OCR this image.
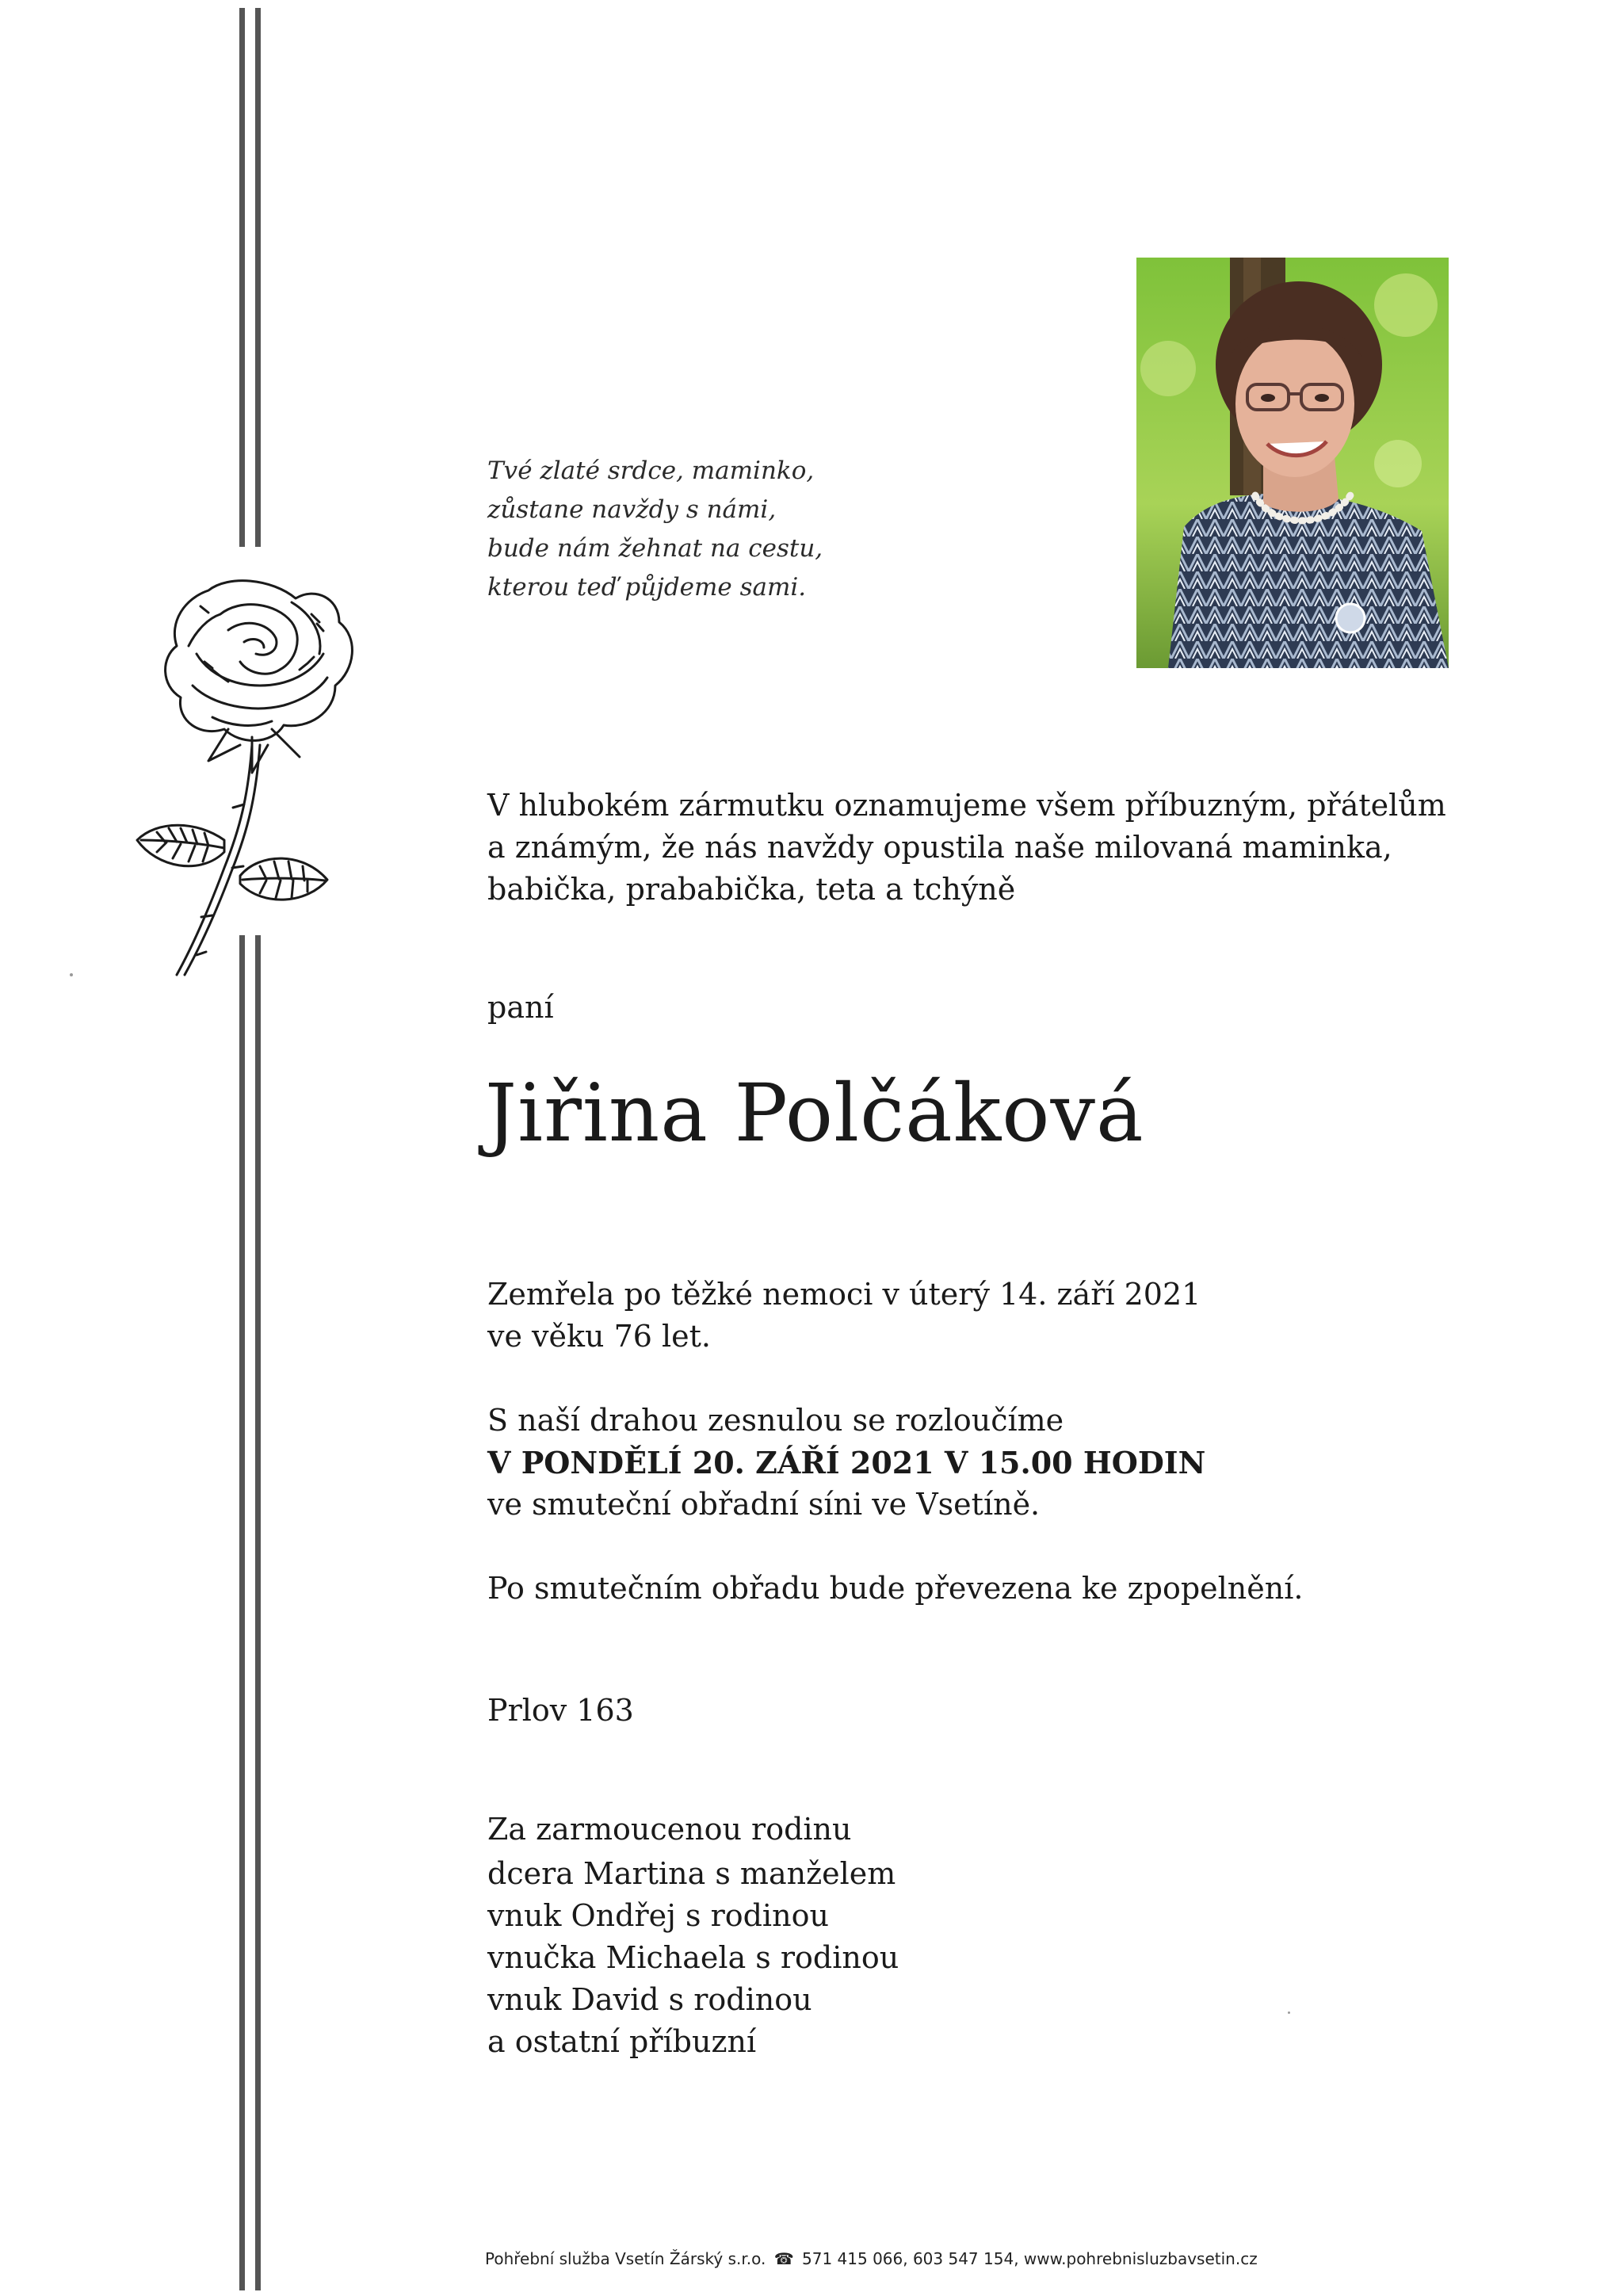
Tvé zlaté srdce, maminko,
zůstane navždy s námi,
bude nám žehnat na cestu,
kterou teď půjdeme sami.
V hlubokém zármutku oznamujeme všem příbuzným, přátelům
a známým, že nás navždy opustila naše milovaná maminka,
babička, prababička, teta a tchýně
paní
Jiřina Polčáková
Zemřela po těžké nemoci v úterý 14. září 2021
ve věku 76 let.
S naší drahou zesnulou se rozloučíme
V PONDĚLÍ 20. ZÁŘÍ 2021 V 15.00 HODIN
ve smuteční obřadní síni ve Vsetíně.
Po smutečním obřadu bude převezena ke zpopelnění.
Prlov 163
Za zarmoucenou rodinu
dcera Martina s manželem
vnuk Ondřej s rodinou
vnučka Michaela s rodinou
vnuk David s rodinou
a ostatní příbuzní
Pohřební služba Vsetín Žárský s.r.o. ☎ 571 415 066, 603 547 154, www.pohrebnisluzbavsetin.cz
